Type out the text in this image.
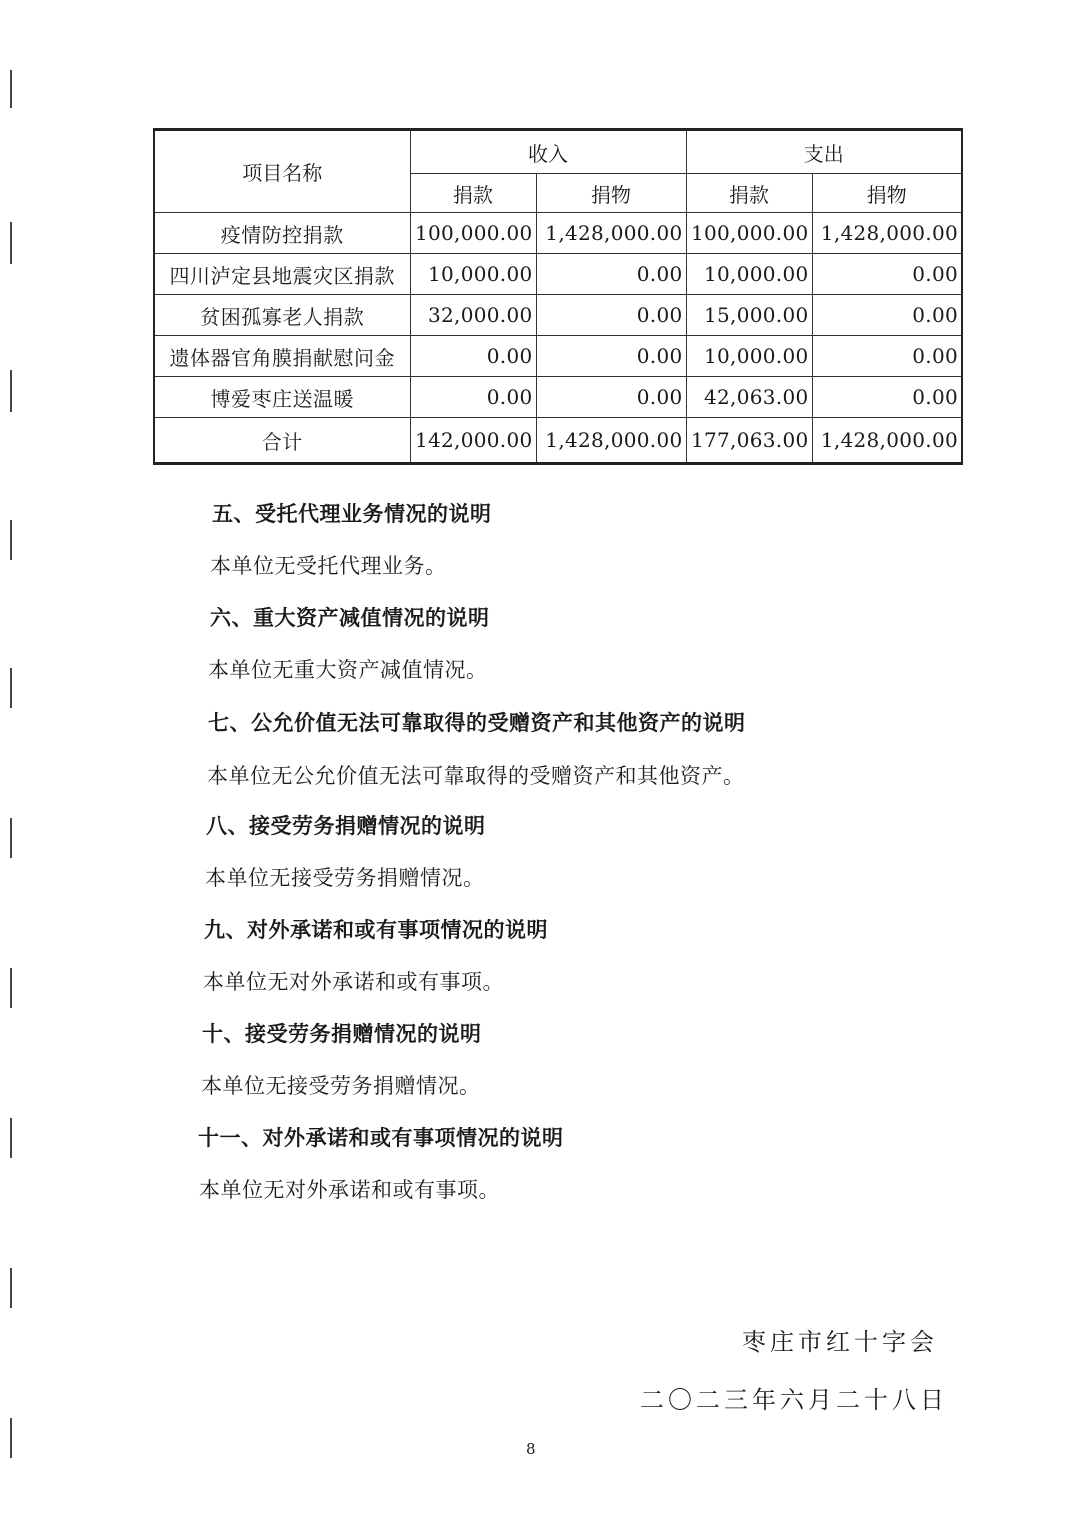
项目名称	收入		支出	
	捐款	捐物	捐款	捐物
疫情防控捐款	100,000.00	1,428,000.00	100,000.00	1,428,000.00
四川泸定县地震灾区捐款	10,000.00	0.00	10,000.00	0.00
贫困孤寡老人捐款	32,000.00	0.00	15,000.00	0.00
遗体器官角膜捐献慰问金	0.00	0.00	10,000.00	0.00
博爱枣庄送温暖	0.00	0.00	42,063.00	0.00
合计	142,000.00	1,428,000.00	177,063.00	1,428,000.00
五、受托代理业务情况的说明
本单位无受托代理业务。
六、重大资产减值情况的说明
本单位无重大资产减值情况。
七、公允价值无法可靠取得的受赠资产和其他资产的说明
本单位无公允价值无法可靠取得的受赠资产和其他资产。
八、接受劳务捐赠情况的说明
本单位无接受劳务捐赠情况。
九、对外承诺和或有事项情况的说明
本单位无对外承诺和或有事项。
十、接受劳务捐赠情况的说明
本单位无接受劳务捐赠情况。
十一、对外承诺和或有事项情况的说明
本单位无对外承诺和或有事项。
枣庄市红十字会
二〇二三年六月二十八日
8
